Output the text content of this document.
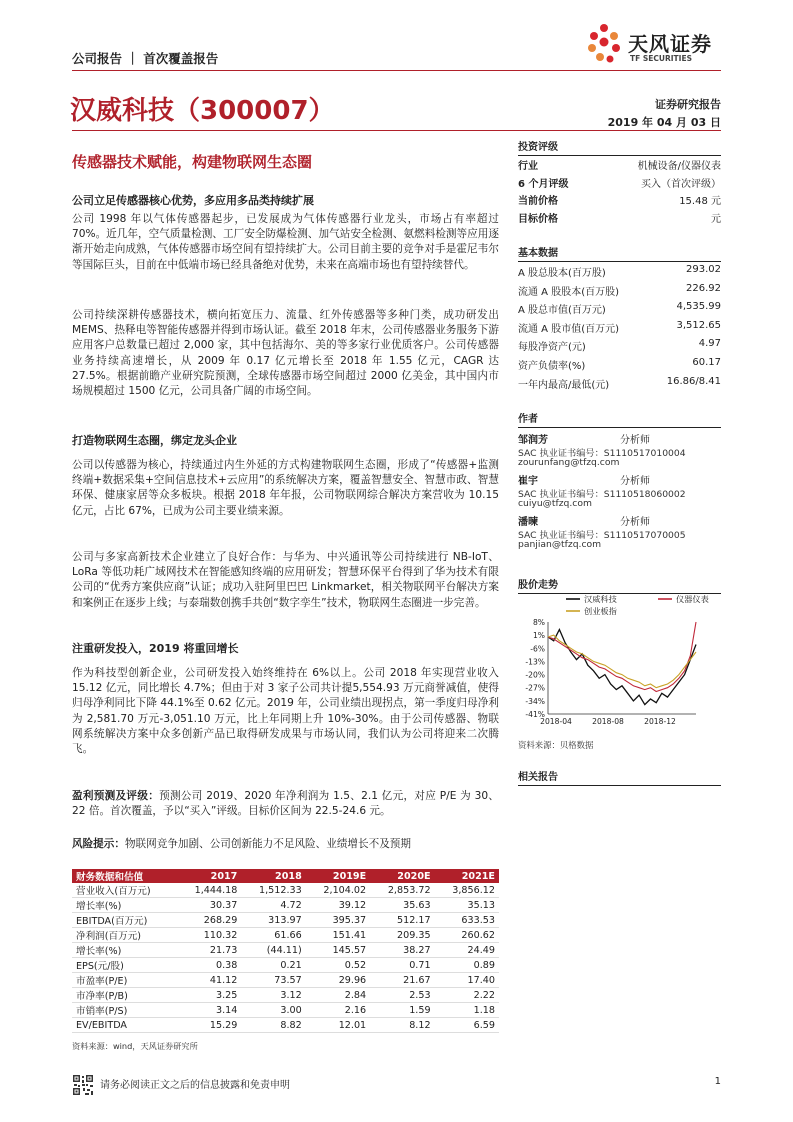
公司报告 ｜ 首次覆盖报告
天风证券
TF SECURITIES
汉威科技（300007）	证券研究报告
2019 年 04 月 03 日
传感器技术赋能，构建物联网生态圈
公司立足传感器核心优势，多应用多品类持续扩展

公司 1998 年以气体传感器起步，已发展成为气体传感器行业龙头，市场占有率超过 70%。近几年，空气质量检测、工厂安全防爆检测、加气站安全检测、氨燃料检测等应用逐渐开始走向成熟，气体传感器市场空间有望持续扩大。公司目前主要的竞争对手是霍尼韦尔等国际巨头，目前在中低端市场已经具备绝对优势，未来在高端市场也有望持续替代。

公司持续深耕传感器技术，横向拓宽压力、流量、红外传感器等多种门类，成功研发出 MEMS、热释电等智能传感器并得到市场认证。截至 2018 年末，公司传感器业务服务下游应用客户总数量已超过 2,000 家，其中包括海尔、美的等多家行业优质客户。公司传感器业务持续高速增长，从 2009 年 0.17 亿元增长至 2018 年 1.55 亿元，CAGR 达 27.5%。根据前瞻产业研究院预测，全球传感器市场空间超过 2000 亿美金，其中国内市场规模超过 1500 亿元，公司具备广阔的市场空间。

打造物联网生态圈，绑定龙头企业

公司以传感器为核心，持续通过内生外延的方式构建物联网生态圈，形成了“传感器+监测终端+数据采集+空间信息技术+云应用”的系统解决方案，覆盖智慧安全、智慧市政、智慧环保、健康家居等众多板块。根据 2018 年年报，公司物联网综合解决方案营收为 10.15 亿元，占比 67%，已成为公司主要业绩来源。

公司与多家高新技术企业建立了良好合作：与华为、中兴通讯等公司持续进行 NB-IoT、LoRa 等低功耗广域网技术在智能感知终端的应用研发；智慧环保平台得到了华为技术有限公司的“优秀方案供应商”认证；成功入驻阿里巴巴 Linkmarket，相关物联网平台解决方案和案例正在逐步上线；与泰瑞数创携手共创“数字孪生”技术，物联网生态圈进一步完善。

注重研发投入，2019 将重回增长

作为科技型创新企业，公司研发投入始终维持在 6%以上。公司 2018 年实现营业收入 15.12 亿元，同比增长 4.7%；但由于对 3 家子公司共计提5,554.93 万元商誉减值，使得归母净利同比下降 44.1%至 0.62 亿元。2019 年，公司业绩出现拐点，第一季度归母净利为 2,581.70 万元-3,051.10 万元，比上年同期上升 10%-30%。由于公司传感器、物联网系统解决方案中众多创新产品已取得研发成果与市场认同，我们认为公司将迎来二次腾飞。

盈利预测及评级：预测公司 2019、2020 年净利润为 1.5、2.1 亿元，对应 P/E 为 30、22 倍。首次覆盖，予以“买入”评级。目标价区间为 22.5-24.6 元。

风险提示：物联网竞争加剧、公司创新能力不足风险、业绩增长不及预期

财务数据和估值	2017	2018	2019E	2020E	2021E
营业收入(百万元)	1,444.18	1,512.33	2,104.02	2,853.72	3,856.12
增长率(%)	30.37	4.72	39.12	35.63	35.13
EBITDA(百万元)	268.29	313.97	395.37	512.17	633.53
净利润(百万元)	110.32	61.66	151.41	209.35	260.62
增长率(%)	21.73	(44.11)	145.57	38.27	24.49
EPS(元/股)	0.38	0.21	0.52	0.71	0.89
市盈率(P/E)	41.12	73.57	29.96	21.67	17.40
市净率(P/B)	3.25	3.12	2.84	2.53	2.22
市销率(P/S)	3.14	3.00	2.16	1.59	1.18
EV/EBITDA	15.29	8.82	12.01	8.12	6.59
资料来源：wind，天风证券研究所
投资评级
行业	机械设备/仪器仪表
6 个月评级	买入（首次评级）
当前价格	15.48 元
目标价格	元
基本数据
A 股总股本(百万股)	293.02
流通 A 股股本(百万股)	226.92
A 股总市值(百万元)	4,535.99
流通 A 股市值(百万元)	3,512.65
每股净资产(元)	4.97
资产负债率(%)	60.17
一年内最高/最低(元)	16.86/8.41
作者
邹润芳	分析师
SAC 执业证书编号：S1110517010004
zourunfang@tfzq.com
崔宇	分析师
SAC 执业证书编号：S1110518060002
cuiyu@tfzq.com
潘暕	分析师
SAC 执业证书编号：S1110517070005
panjian@tfzq.com
股价走势
汉威科技	仪器仪表
创业板指
8%
1%
-6%
-13%
-20%
-27%
-34%
-41%
2018-04	2018-08	2018-12
资料来源：贝格数据
相关报告
请务必阅读正文之后的信息披露和免责申明	1
